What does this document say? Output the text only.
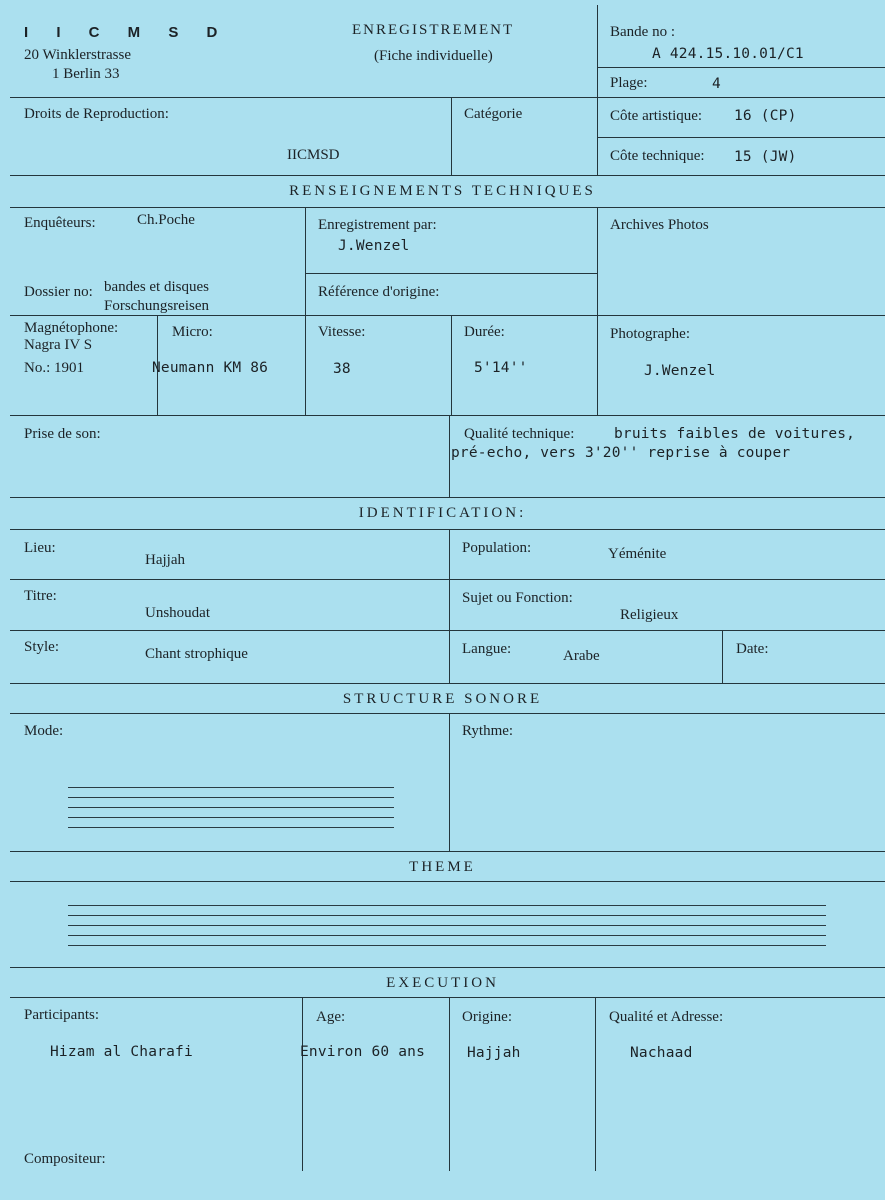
I I C M S D
20 Winklerstrasse
1 Berlin 33
ENREGISTREMENT
(Fiche individuelle)
Bande no :
A 424.15.10.01/C1
Plage:	4
Droits de Reproduction:
IICMSD
Catégorie	Côte artistique: 16 (CP)
Côte technique: 15 (JW)
RENSEIGNEMENTS TECHNIQUES
Enquêteurs:	Ch.Poche	Enregistrement par:
J.Wenzel
Archives Photos
Dossier no: bandes et disques
Forschungsreisen
Référence d'origine:
Magnétophone:
Nagra IV S
No.: 1901
Micro:
Neumann KM 86
Vitesse:
38
Durée:
5'14''
Photographe:
J.Wenzel
Prise de son:	Qualité technique:	bruits faibles de voitures,
pré-echo, vers 3'20'' reprise à couper
IDENTIFICATION:
Lieu:
Hajjah
Population:	Yéménite
Titre:
Unshoudat
Sujet ou Fonction:
Religieux
Style:	Chant strophique	Langue:	Arabe	Date:
STRUCTURE SONORE
Mode:	Rythme:
THEME
EXECUTION
Participants:
Hizam al Charafi
Age:
Environ 60 ans
Origine:
Hajjah
Qualité et Adresse:
Nachaad
Compositeur:
